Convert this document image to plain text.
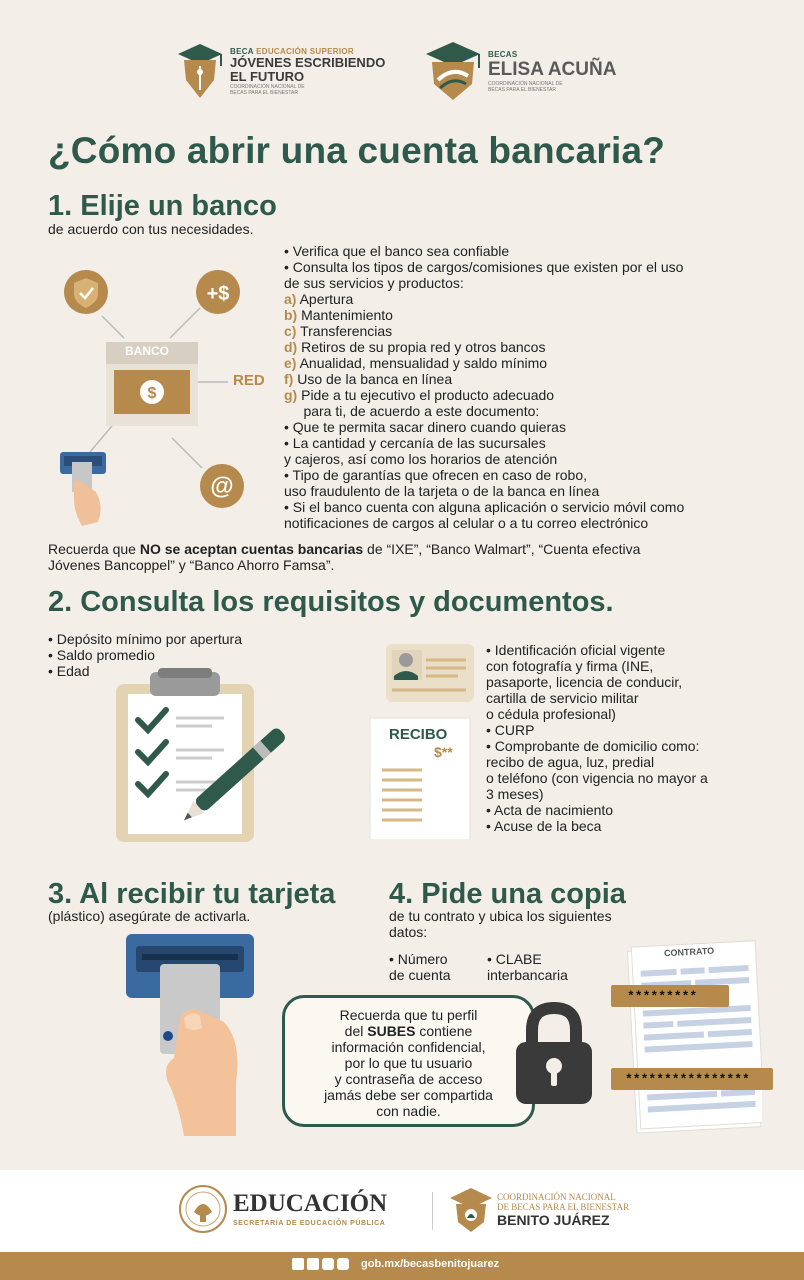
BECA EDUCACIÓN SUPERIOR
JÓVENES ESCRIBIENDO
EL FUTURO
COORDINACIÓN NACIONAL DE
BECAS PARA EL BIENESTAR
BECAS
ELISA ACUÑA
COORDINACIÓN NACIONAL DE
BECAS PARA EL BIENESTAR
¿Cómo abrir una cuenta bancaria?
1. Elije un banco
de acuerdo con tus necesidades.
+$
$
@
BANCO
RED
• Verifica que el banco sea confiable
• Consulta los tipos de cargos/comisiones que existen por el uso
de sus servicios y productos:
a) Apertura
b) Mantenimiento
c) Transferencias
d) Retiros de su propia red y otros bancos
e) Anualidad, mensualidad y saldo mínimo
f) Uso de la banca en línea
g) Pide a tu ejecutivo el producto adecuado
para ti, de acuerdo a este documento:
• Que te permita sacar dinero cuando quieras
• La cantidad y cercanía de las sucursales
y cajeros, así como los horarios de atención
• Tipo de garantías que ofrecen en caso de robo,
uso fraudulento de la tarjeta o de la banca en línea
• Si el banco cuenta con alguna aplicación o servicio móvil como
notificaciones de cargos al celular o a tu correo electrónico
Recuerda que NO se aceptan cuentas bancarias de “IXE”, “Banco Walmart”, “Cuenta efectiva
Jóvenes Bancoppel” y “Banco Ahorro Famsa”.
2. Consulta los requisitos y documentos.
• Depósito mínimo por apertura
• Saldo promedio
• Edad
RECIBO
$**
• Identificación oficial vigente
con fotografía y firma (INE,
pasaporte, licencia de conducir,
cartilla de servicio militar
o cédula profesional)
• CURP
• Comprobante de domicilio como:
recibo de agua, luz, predial
o teléfono (con vigencia no mayor a
3 meses)
• Acta de nacimiento
• Acuse de la beca
3. Al recibir tu tarjeta
(plástico) asegúrate de activarla.
4. Pide una copia
de tu contrato y ubica los siguientes
datos:
• Número
de cuenta
• CLABE
interbancaria
CONTRATO
*********
****************
Recuerda que tu perfil
del SUBES contiene
información confidencial,
por lo que tu usuario
y contraseña de acceso
jamás debe ser compartida
con nadie.
EDUCACIÓN
SECRETARÍA DE EDUCACIÓN PÚBLICA
COORDINACIÓN NACIONAL
DE BECAS PARA EL BIENESTAR
BENITO JUÁREZ
gob.mx/becasbenitojuarez
